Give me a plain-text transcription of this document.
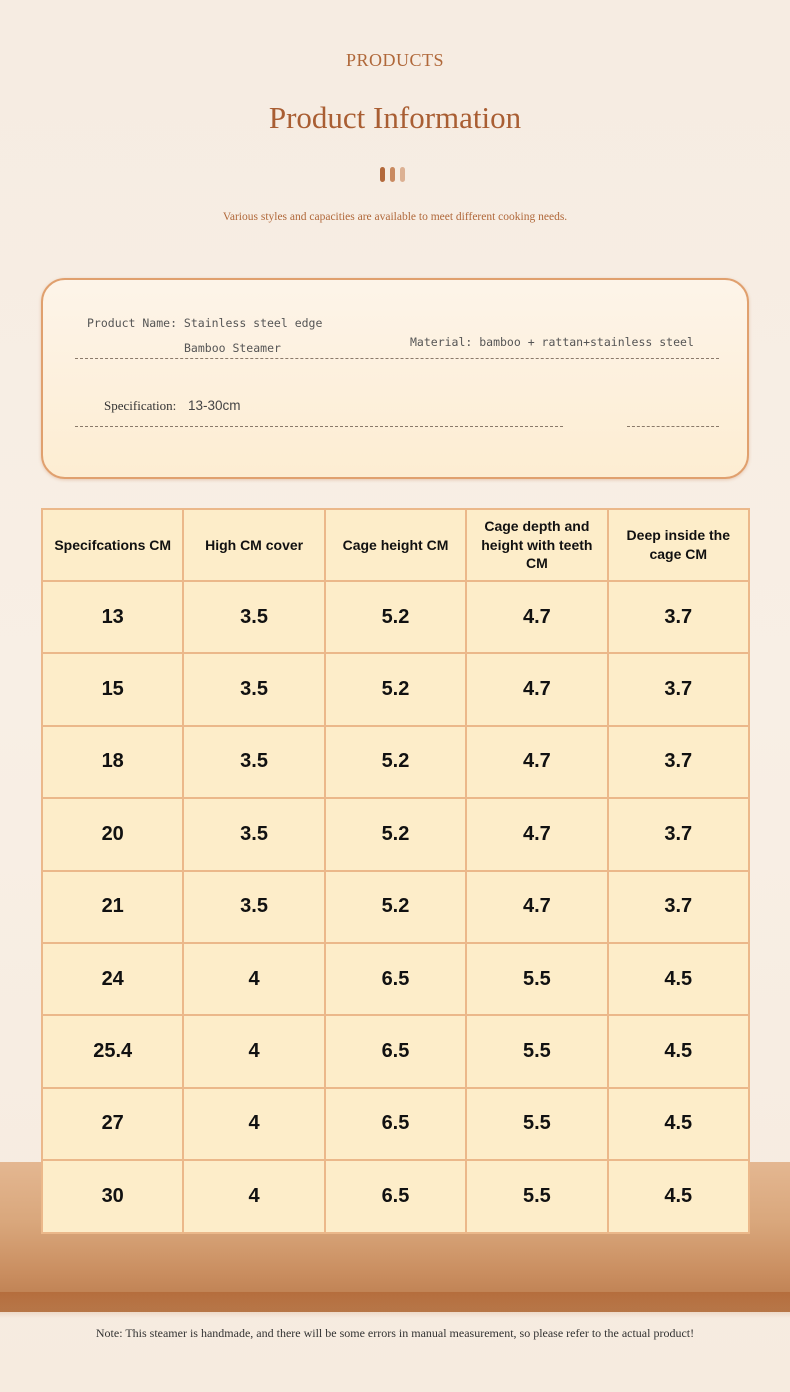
PRODUCTS
Product Information
Various styles and capacities are available to meet different cooking needs.
Product Name: Stainless steel edge
Bamboo Steamer	Material: bamboo + rattan+stainless steel
Specification: 13-30cm
Specifcations CM	High CM cover	Cage height CM	Cage depth and height with teeth CM	Deep inside the cage CM
13	3.5	5.2	4.7	3.7
15	3.5	5.2	4.7	3.7
18	3.5	5.2	4.7	3.7
20	3.5	5.2	4.7	3.7
21	3.5	5.2	4.7	3.7
24	4	6.5	5.5	4.5
25.4	4	6.5	5.5	4.5
27	4	6.5	5.5	4.5
30	4	6.5	5.5	4.5
Note: This steamer is handmade, and there will be some errors in manual measurement, so please refer to the actual product!
